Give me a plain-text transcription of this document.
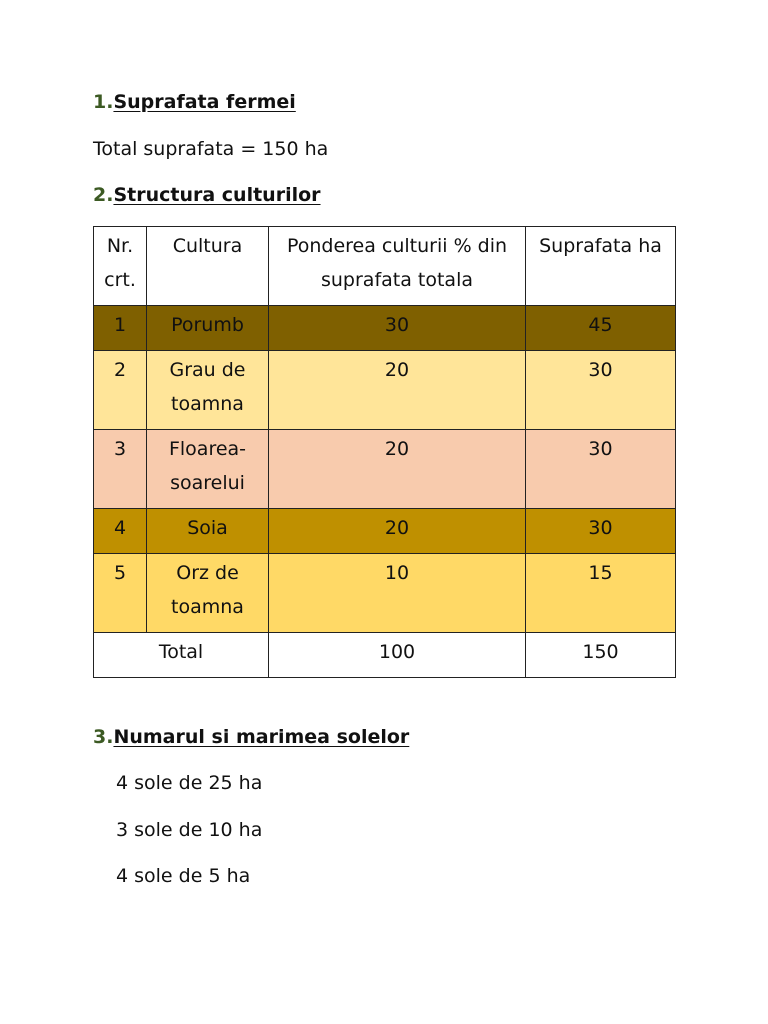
1.Suprafata fermei
Total suprafata = 150 ha
2.Structura culturilor
Nr. crt.	Cultura	Ponderea culturii % din suprafata totala	Suprafata ha
1	Porumb	30	45
2	Grau de toamna	20	30
3	Floarea-soarelui	20	30
4	Soia	20	30
5	Orz de toamna	10	15
Total		100	150
3.Numarul si marimea solelor
4 sole de 25 ha
3 sole de 10 ha
4 sole de 5 ha
